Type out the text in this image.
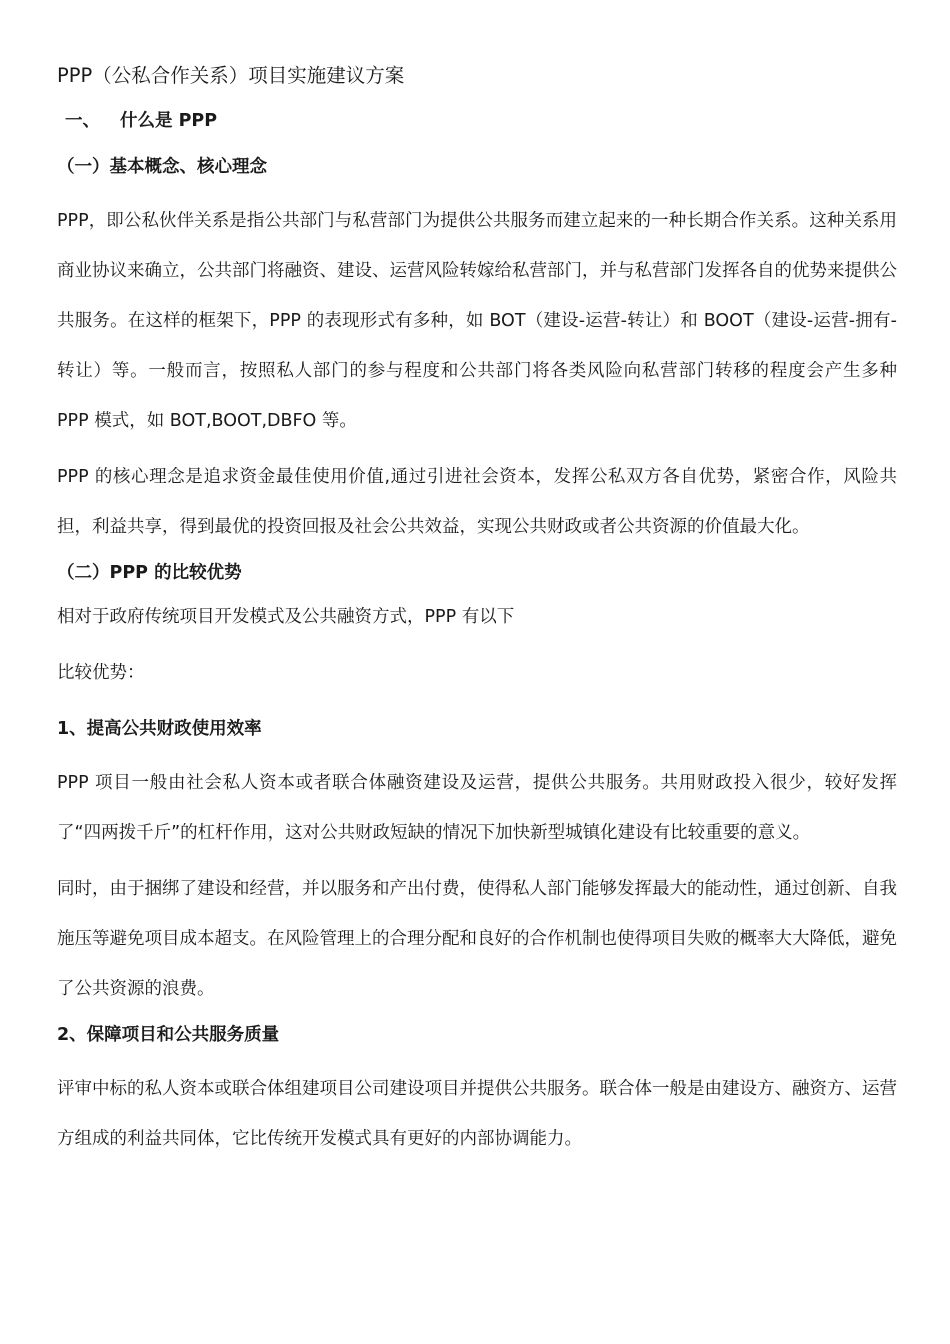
PPP（公私合作关系）项目实施建议方案
一、 什么是 PPP
（一）基本概念、核心理念

PPP，即公私伙伴关系是指公共部门与私营部门为提供公共服务而建立起来的一种长期合作关系。这种关系用商业协议来确立，公共部门将融资、建设、运营风险转嫁给私营部门，并与私营部门发挥各自的优势来提供公共服务。在这样的框架下，PPP 的表现形式有多种，如 BOT（建设-运营-转让）和 BOOT（建设-运营-拥有-转让）等。一般而言，按照私人部门的参与程度和公共部门将各类风险向私营部门转移的程度会产生多种 PPP 模式，如 BOT,BOOT,DBFO 等。

PPP 的核心理念是追求资金最佳使用价值,通过引进社会资本，发挥公私双方各自优势，紧密合作，风险共担，利益共享，得到最优的投资回报及社会公共效益，实现公共财政或者公共资源的价值最大化。

（二）PPP 的比较优势

相对于政府传统项目开发模式及公共融资方式，PPP 有以下

比较优势：

1、提高公共财政使用效率

PPP 项目一般由社会私人资本或者联合体融资建设及运营，提供公共服务。共用财政投入很少，较好发挥了“四两拨千斤”的杠杆作用，这对公共财政短缺的情况下加快新型城镇化建设有比较重要的意义。

同时，由于捆绑了建设和经营，并以服务和产出付费，使得私人部门能够发挥最大的能动性，通过创新、自我施压等避免项目成本超支。在风险管理上的合理分配和良好的合作机制也使得项目失败的概率大大降低，避免了公共资源的浪费。

2、保障项目和公共服务质量

评审中标的私人资本或联合体组建项目公司建设项目并提供公共服务。联合体一般是由建设方、融资方、运营方组成的利益共同体，它比传统开发模式具有更好的内部协调能力。
